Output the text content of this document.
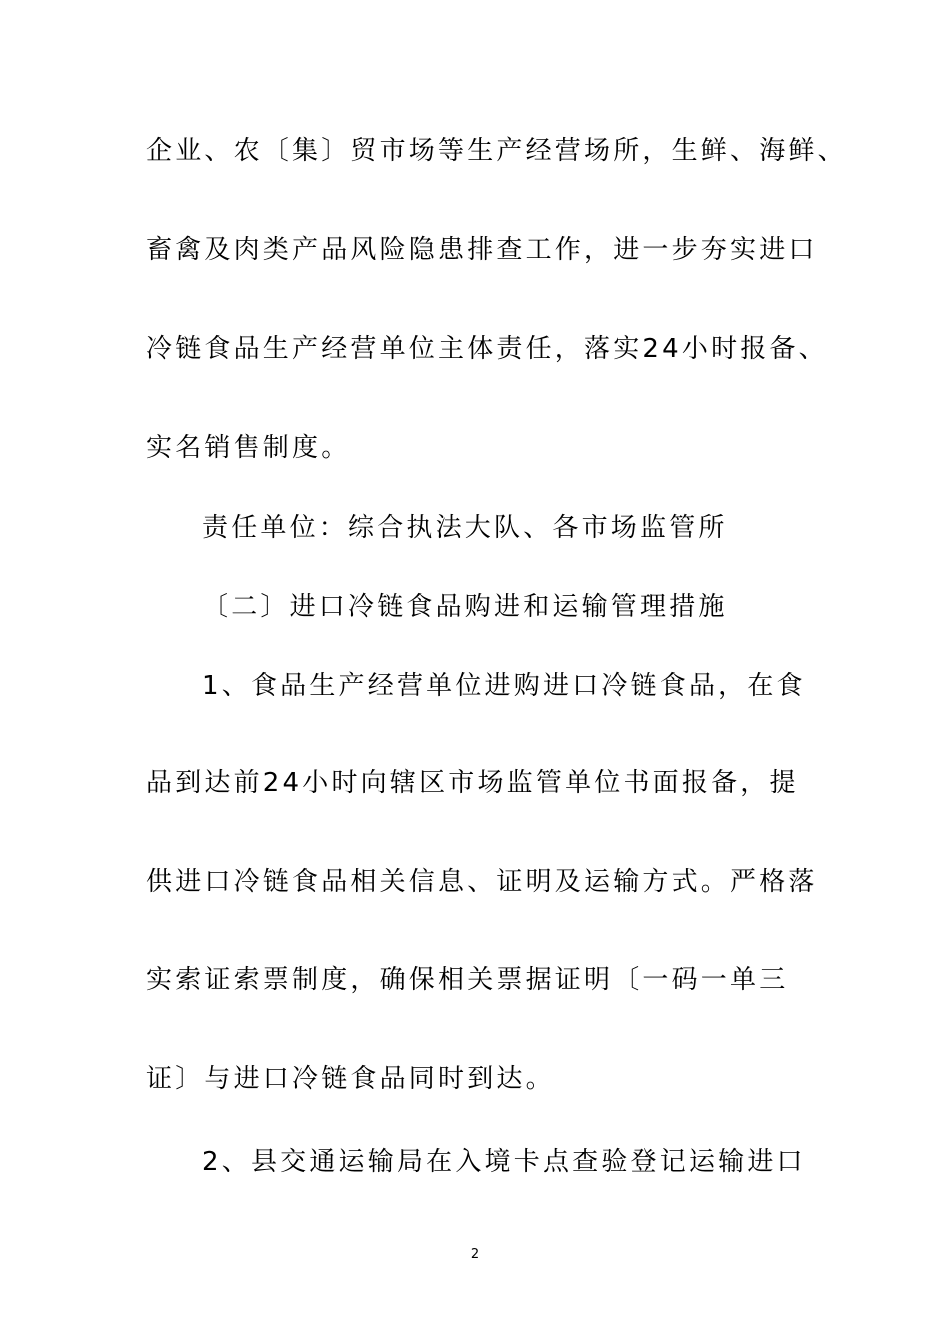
企业、农〔集〕贸市场等生产经营场所，生鲜、海鲜、
畜禽及肉类产品风险隐患排查工作，进一步夯实进口
冷链食品生产经营单位主体责任，落实24小时报备、
实名销售制度。
责任单位：综合执法大队、各市场监管所
〔二〕进口冷链食品购进和运输管理措施
1、食品生产经营单位进购进口冷链食品，在食
品到达前24小时向辖区市场监管单位书面报备，提
供进口冷链食品相关信息、证明及运输方式。严格落
实索证索票制度，确保相关票据证明〔一码一单三
证〕与进口冷链食品同时到达。
2、县交通运输局在入境卡点查验登记运输进口
2
